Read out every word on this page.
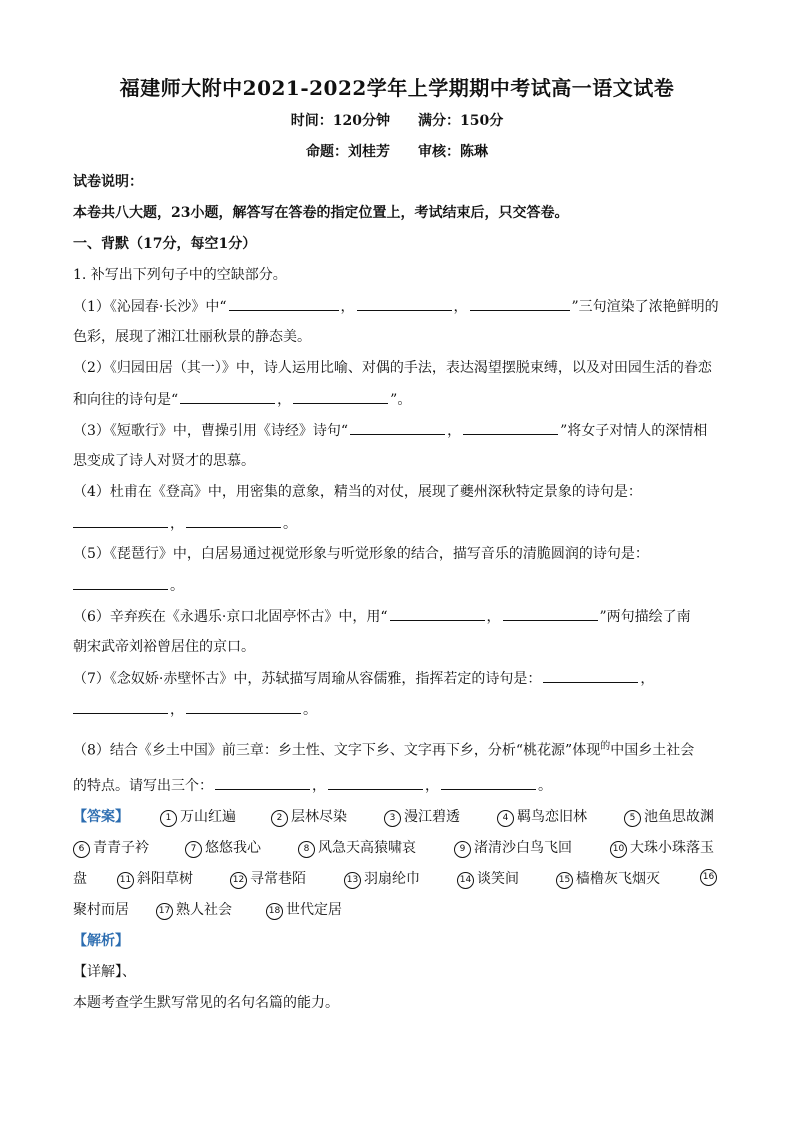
福建师大附中2021-2022学年上学期期中考试高一语文试卷
时间：120分钟　　满分：150分
命题：刘桂芳　　审核：陈琳
试卷说明：
本卷共八大题，23小题，解答写在答卷的指定位置上，考试结束后，只交答卷。
一、背默（17分，每空1分）
1. 补写出下列句子中的空缺部分。
（1）《沁园春·长沙》中“	，	，	”三句渲染了浓艳鲜明的
色彩，展现了湘江壮丽秋景的静态美。
（2）《归园田居（其一）》中，诗人运用比喻、对偶的手法，表达渴望摆脱束缚，以及对田园生活的眷恋
和向往的诗句是“	，	”。
（3）《短歌行》中，曹操引用《诗经》诗句“	，	”将女子对情人的深情相
思变成了诗人对贤才的思慕。
（4）杜甫在《登高》中，用密集的意象，精当的对仗，展现了夔州深秋特定景象的诗句是：
，	。
（5）《琵琶行》中，白居易通过视觉形象与听觉形象的结合，描写音乐的清脆圆润的诗句是：
。
（6）辛弃疾在《永遇乐·京口北固亭怀古》中，用“	，	”两句描绘了南
朝宋武帝刘裕曾居住的京口。
（7）《念奴娇·赤壁怀古》中，苏轼描写周瑜从容儒雅，指挥若定的诗句是：	，
，	。
（8）结合《乡土中国》前三章：乡土性、文字下乡、文字再下乡，分析“桃花源”体现$^的$中国乡土社会
的特点。请写出三个：	，	，	。
【答案】	1 万山红遍	2 层林尽染	3 漫江碧透	4 羁鸟恋旧林	5 池鱼思故渊
6 青青子衿	7 悠悠我心	8 风急天高猿啸哀	9 渚清沙白鸟飞回	10 大珠小珠落玉
盘	11 斜阳草树	12 寻常巷陌	13 羽扇纶巾	14 谈笑间	15 樯橹灰飞烟灭	16
聚村而居	17 熟人社会	18 世代定居
【解析】
【详解】、
本题考查学生默写常见的名句名篇的能力。
